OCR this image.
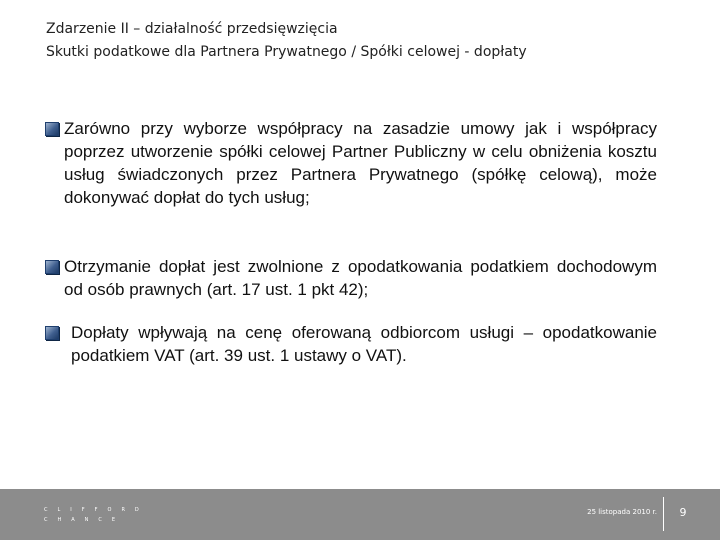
Zdarzenie II – działalność przedsięwzięcia
Skutki podatkowe dla Partnera Prywatnego / Spółki celowej - dopłaty
Zarówno przy wyborze współpracy na zasadzie umowy jak i współpracy poprzez utworzenie spółki celowej Partner Publiczny w celu obniżenia kosztu usług świadczonych przez Partnera Prywatnego (spółkę celową), może dokonywać dopłat do tych usług;
Otrzymanie dopłat jest zwolnione z opodatkowania podatkiem dochodowym od osób prawnych (art. 17 ust. 1 pkt 42);
Dopłaty wpływają na cenę oferowaną odbiorcom usługi – opodatkowanie podatkiem VAT (art. 39 ust. 1 ustawy o VAT).
CLIFFORD
CHANCE
25 listopada 2010 r.	9
